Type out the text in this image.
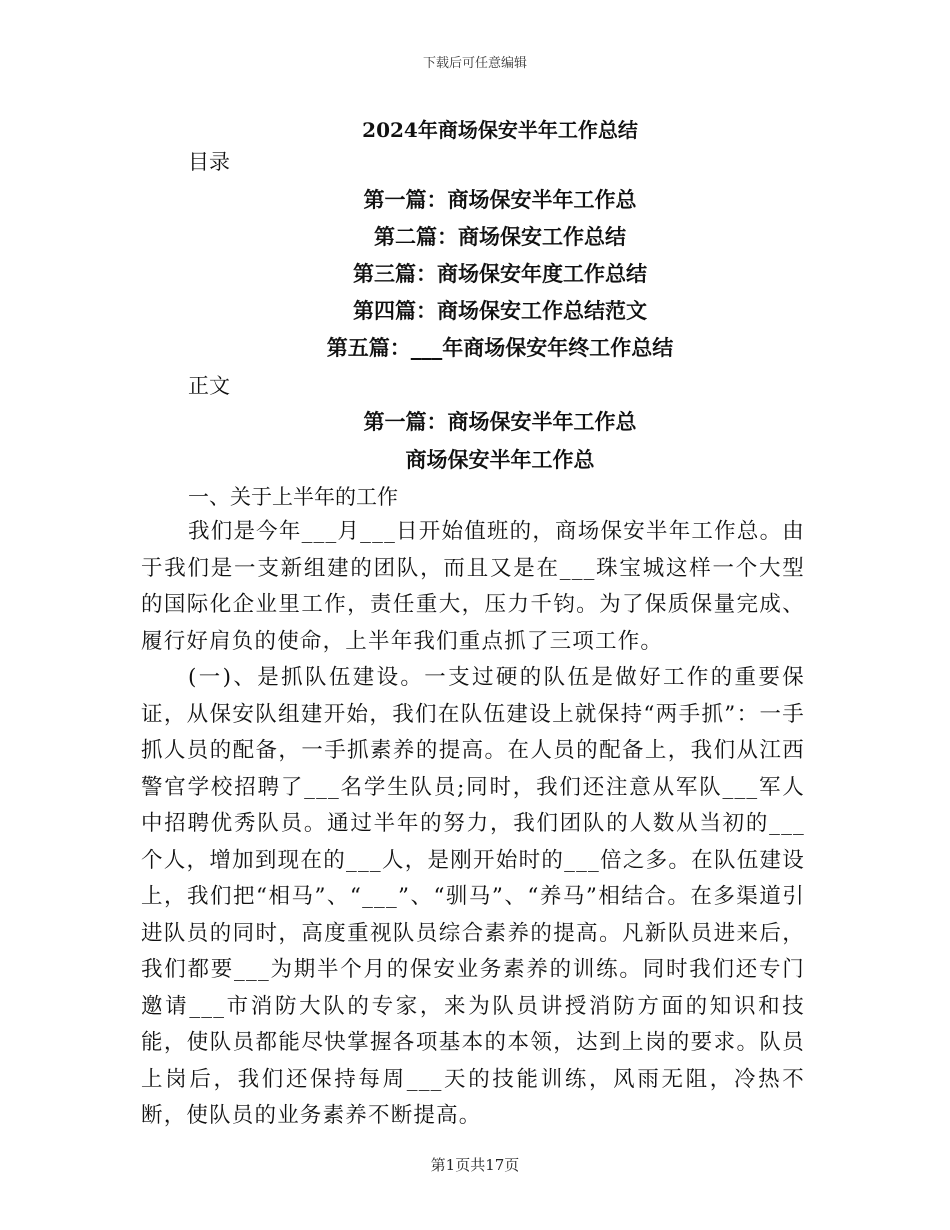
下载后可任意编辑
2024年商场保安半年工作总结
目录
第一篇：商场保安半年工作总
第二篇：商场保安工作总结
第三篇：商场保安年度工作总结
第四篇：商场保安工作总结范文
第五篇：___年商场保安年终工作总结
正文
第一篇：商场保安半年工作总
商场保安半年工作总
一、关于上半年的工作
我们是今年___月___日开始值班的，商场保安半年工作总。由于我们是一支新组建的团队，而且又是在___珠宝城这样一个大型的国际化企业里工作，责任重大，压力千钧。为了保质保量完成、履行好肩负的使命，上半年我们重点抓了三项工作。
(一)、是抓队伍建设。一支过硬的队伍是做好工作的重要保证，从保安队组建开始，我们在队伍建设上就保持“两手抓”：一手抓人员的配备，一手抓素养的提高。在人员的配备上，我们从江西警官学校招聘了___名学生队员;同时，我们还注意从军队___军人中招聘优秀队员。通过半年的努力，我们团队的人数从当初的___个人，增加到现在的___人，是刚开始时的___倍之多。在队伍建设上，我们把“相马”、“___”、“驯马”、“养马”相结合。在多渠道引进队员的同时，高度重视队员综合素养的提高。凡新队员进来后，我们都要___为期半个月的保安业务素养的训练。同时我们还专门邀请___市消防大队的专家，来为队员讲授消防方面的知识和技能，使队员都能尽快掌握各项基本的本领，达到上岗的要求。队员上岗后，我们还保持每周___天的技能训练，风雨无阻，冷热不断，使队员的业务素养不断提高。
第1页共17页
